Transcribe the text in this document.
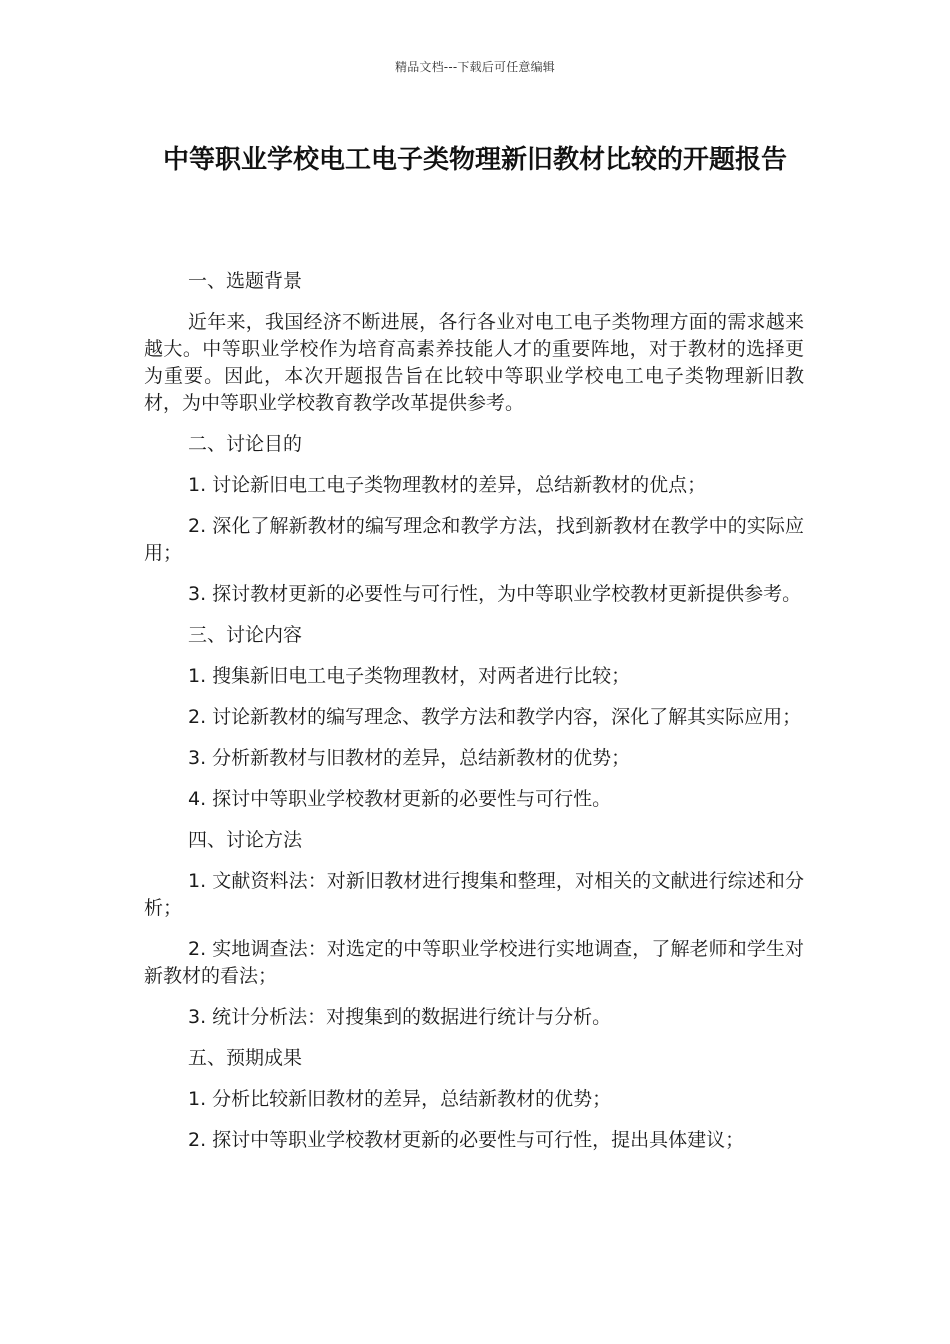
精品文档---下载后可任意编辑
中等职业学校电工电子类物理新旧教材比较的开题报告

一、选题背景

近年来，我国经济不断进展，各行各业对电工电子类物理方面的需求越来越大。中等职业学校作为培育高素养技能人才的重要阵地，对于教材的选择更为重要。因此，本次开题报告旨在比较中等职业学校电工电子类物理新旧教材，为中等职业学校教育教学改革提供参考。

二、讨论目的

1. 讨论新旧电工电子类物理教材的差异，总结新教材的优点；

2. 深化了解新教材的编写理念和教学方法，找到新教材在教学中的实际应用；

3. 探讨教材更新的必要性与可行性，为中等职业学校教材更新提供参考。

三、讨论内容

1. 搜集新旧电工电子类物理教材，对两者进行比较；

2. 讨论新教材的编写理念、教学方法和教学内容，深化了解其实际应用；

3. 分析新教材与旧教材的差异，总结新教材的优势；

4. 探讨中等职业学校教材更新的必要性与可行性。

四、讨论方法

1. 文献资料法：对新旧教材进行搜集和整理，对相关的文献进行综述和分析；

2. 实地调查法：对选定的中等职业学校进行实地调查，了解老师和学生对新教材的看法；

3. 统计分析法：对搜集到的数据进行统计与分析。

五、预期成果

1. 分析比较新旧教材的差异，总结新教材的优势；

2. 探讨中等职业学校教材更新的必要性与可行性，提出具体建议；
